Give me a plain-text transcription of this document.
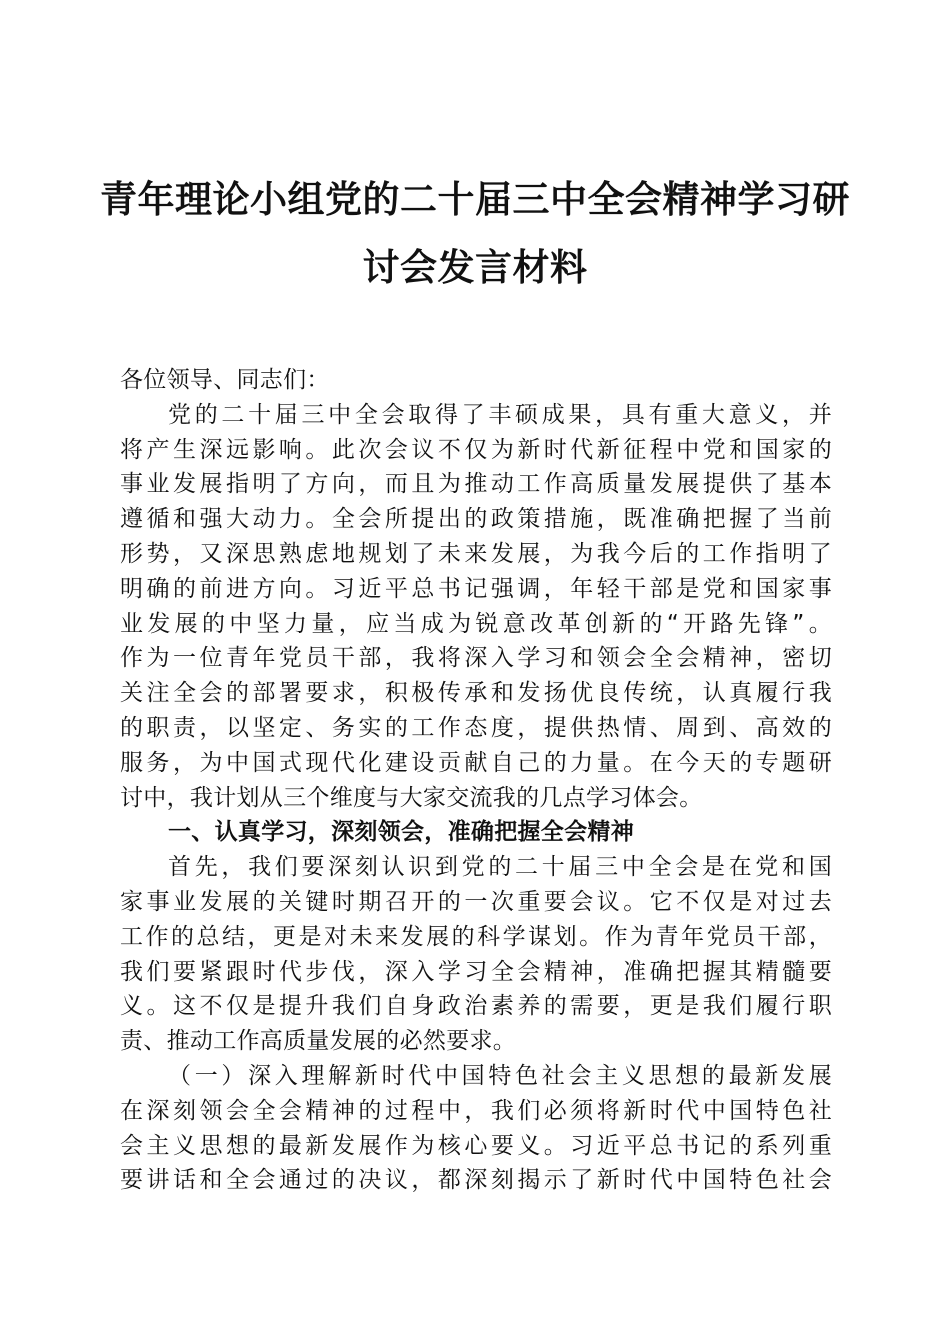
青年理论小组党的二十届三中全会精神学习研
讨会发言材料
各位领导、同志们：
党的二十届三中全会取得了丰硕成果，具有重大意义，并
将产生深远影响。此次会议不仅为新时代新征程中党和国家的
事业发展指明了方向，而且为推动工作高质量发展提供了基本
遵循和强大动力。全会所提出的政策措施，既准确把握了当前
形势，又深思熟虑地规划了未来发展，为我今后的工作指明了
明确的前进方向。习近平总书记强调，年轻干部是党和国家事
业发展的中坚力量，应当成为锐意改革创新的“开路先锋”。
作为一位青年党员干部，我将深入学习和领会全会精神，密切
关注全会的部署要求，积极传承和发扬优良传统，认真履行我
的职责，以坚定、务实的工作态度，提供热情、周到、高效的
服务，为中国式现代化建设贡献自己的力量。在今天的专题研
讨中，我计划从三个维度与大家交流我的几点学习体会。
一、认真学习，深刻领会，准确把握全会精神
首先，我们要深刻认识到党的二十届三中全会是在党和国
家事业发展的关键时期召开的一次重要会议。它不仅是对过去
工作的总结，更是对未来发展的科学谋划。作为青年党员干部，
我们要紧跟时代步伐，深入学习全会精神，准确把握其精髓要
义。这不仅是提升我们自身政治素养的需要，更是我们履行职
责、推动工作高质量发展的必然要求。
（一）深入理解新时代中国特色社会主义思想的最新发展
在深刻领会全会精神的过程中，我们必须将新时代中国特色社
会主义思想的最新发展作为核心要义。习近平总书记的系列重
要讲话和全会通过的决议，都深刻揭示了新时代中国特色社会
